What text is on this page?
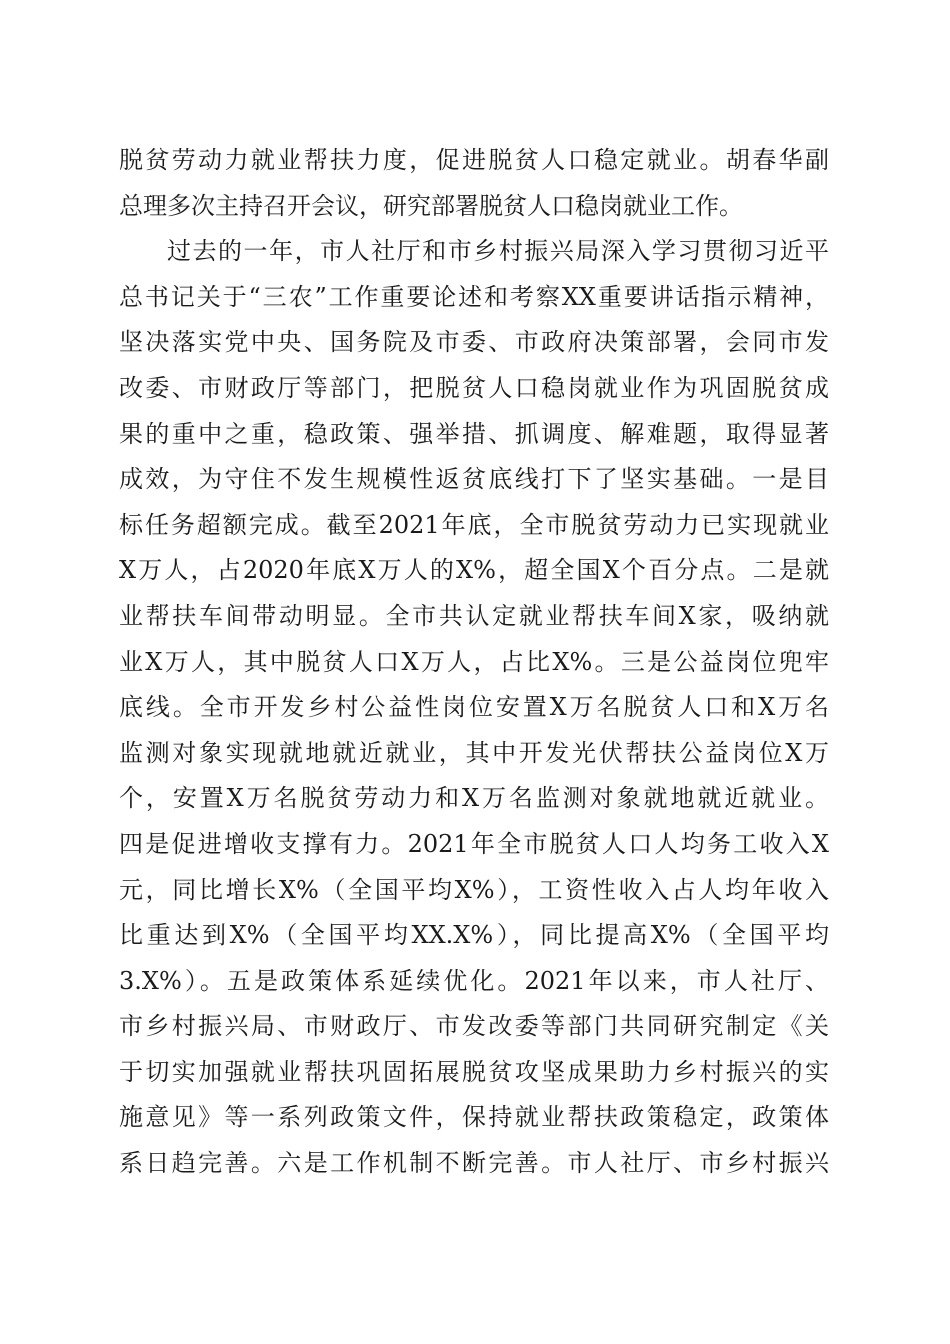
脱贫劳动力就业帮扶力度，促进脱贫人口稳定就业。胡春华副
总理多次主持召开会议，研究部署脱贫人口稳岗就业工作。
过去的一年，市人社厅和市乡村振兴局深入学习贯彻习近平
总书记关于“三农”工作重要论述和考察XX重要讲话指示精神，
坚决落实党中央、国务院及市委、市政府决策部署，会同市发
改委、市财政厅等部门，把脱贫人口稳岗就业作为巩固脱贫成
果的重中之重，稳政策、强举措、抓调度、解难题，取得显著
成效，为守住不发生规模性返贫底线打下了坚实基础。一是目
标任务超额完成。截至2021年底，全市脱贫劳动力已实现就业
X万人，占2020年底X万人的X%，超全国X个百分点。二是就
业帮扶车间带动明显。全市共认定就业帮扶车间X家，吸纳就
业X万人，其中脱贫人口X万人，占比X%。三是公益岗位兜牢
底线。全市开发乡村公益性岗位安置X万名脱贫人口和X万名
监测对象实现就地就近就业，其中开发光伏帮扶公益岗位X万
个，安置X万名脱贫劳动力和X万名监测对象就地就近就业。
四是促进增收支撑有力。2021年全市脱贫人口人均务工收入X
元，同比增长X%（全国平均X%），工资性收入占人均年收入
比重达到X%（全国平均XX.X%），同比提高X%（全国平均
3.X%）。五是政策体系延续优化。2021年以来，市人社厅、
市乡村振兴局、市财政厅、市发改委等部门共同研究制定《关
于切实加强就业帮扶巩固拓展脱贫攻坚成果助力乡村振兴的实
施意见》等一系列政策文件，保持就业帮扶政策稳定，政策体
系日趋完善。六是工作机制不断完善。市人社厅、市乡村振兴
